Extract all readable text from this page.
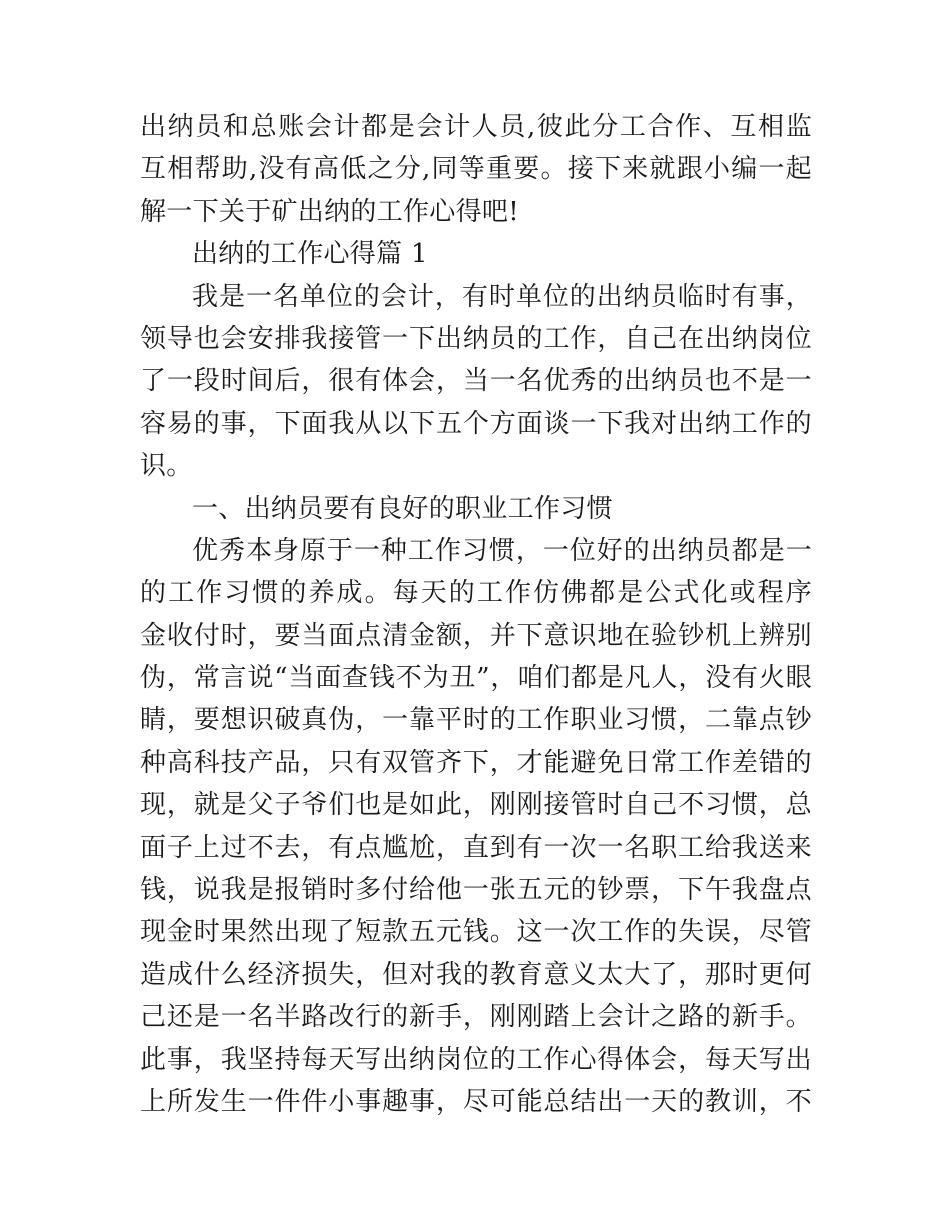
出纳员和总账会计都是会计人员,彼此分工合作、互相监
互相帮助,没有高低之分,同等重要。接下来就跟小编一起
解一下关于矿出纳的工作心得吧!
出纳的工作心得篇 1
我是一名单位的会计，有时单位的出纳员临时有事，
领导也会安排我接管一下出纳员的工作，自己在出纳岗位
了一段时间后，很有体会，当一名优秀的出纳员也不是一
容易的事，下面我从以下五个方面谈一下我对出纳工作的
识。
一、出纳员要有良好的职业工作习惯
优秀本身原于一种工作习惯，一位好的出纳员都是一
的工作习惯的养成。每天的工作仿佛都是公式化或程序
金收付时，要当面点清金额，并下意识地在验钞机上辨别
伪，常言说“当面查钱不为丑”，咱们都是凡人，没有火眼
睛，要想识破真伪，一靠平时的工作职业习惯，二靠点钞
种高科技产品，只有双管齐下，才能避免日常工作差错的
现，就是父子爷们也是如此，刚刚接管时自己不习惯，总
面子上过不去，有点尴尬，直到有一次一名职工给我送来
钱，说我是报销时多付给他一张五元的钞票，下午我盘点
现金时果然出现了短款五元钱。这一次工作的失误，尽管
造成什么经济损失，但对我的教育意义太大了，那时更何
己还是一名半路改行的新手，刚刚踏上会计之路的新手。
此事，我坚持每天写出纳岗位的工作心得体会，每天写出
上所发生一件件小事趣事，尽可能总结出一天的教训，不
